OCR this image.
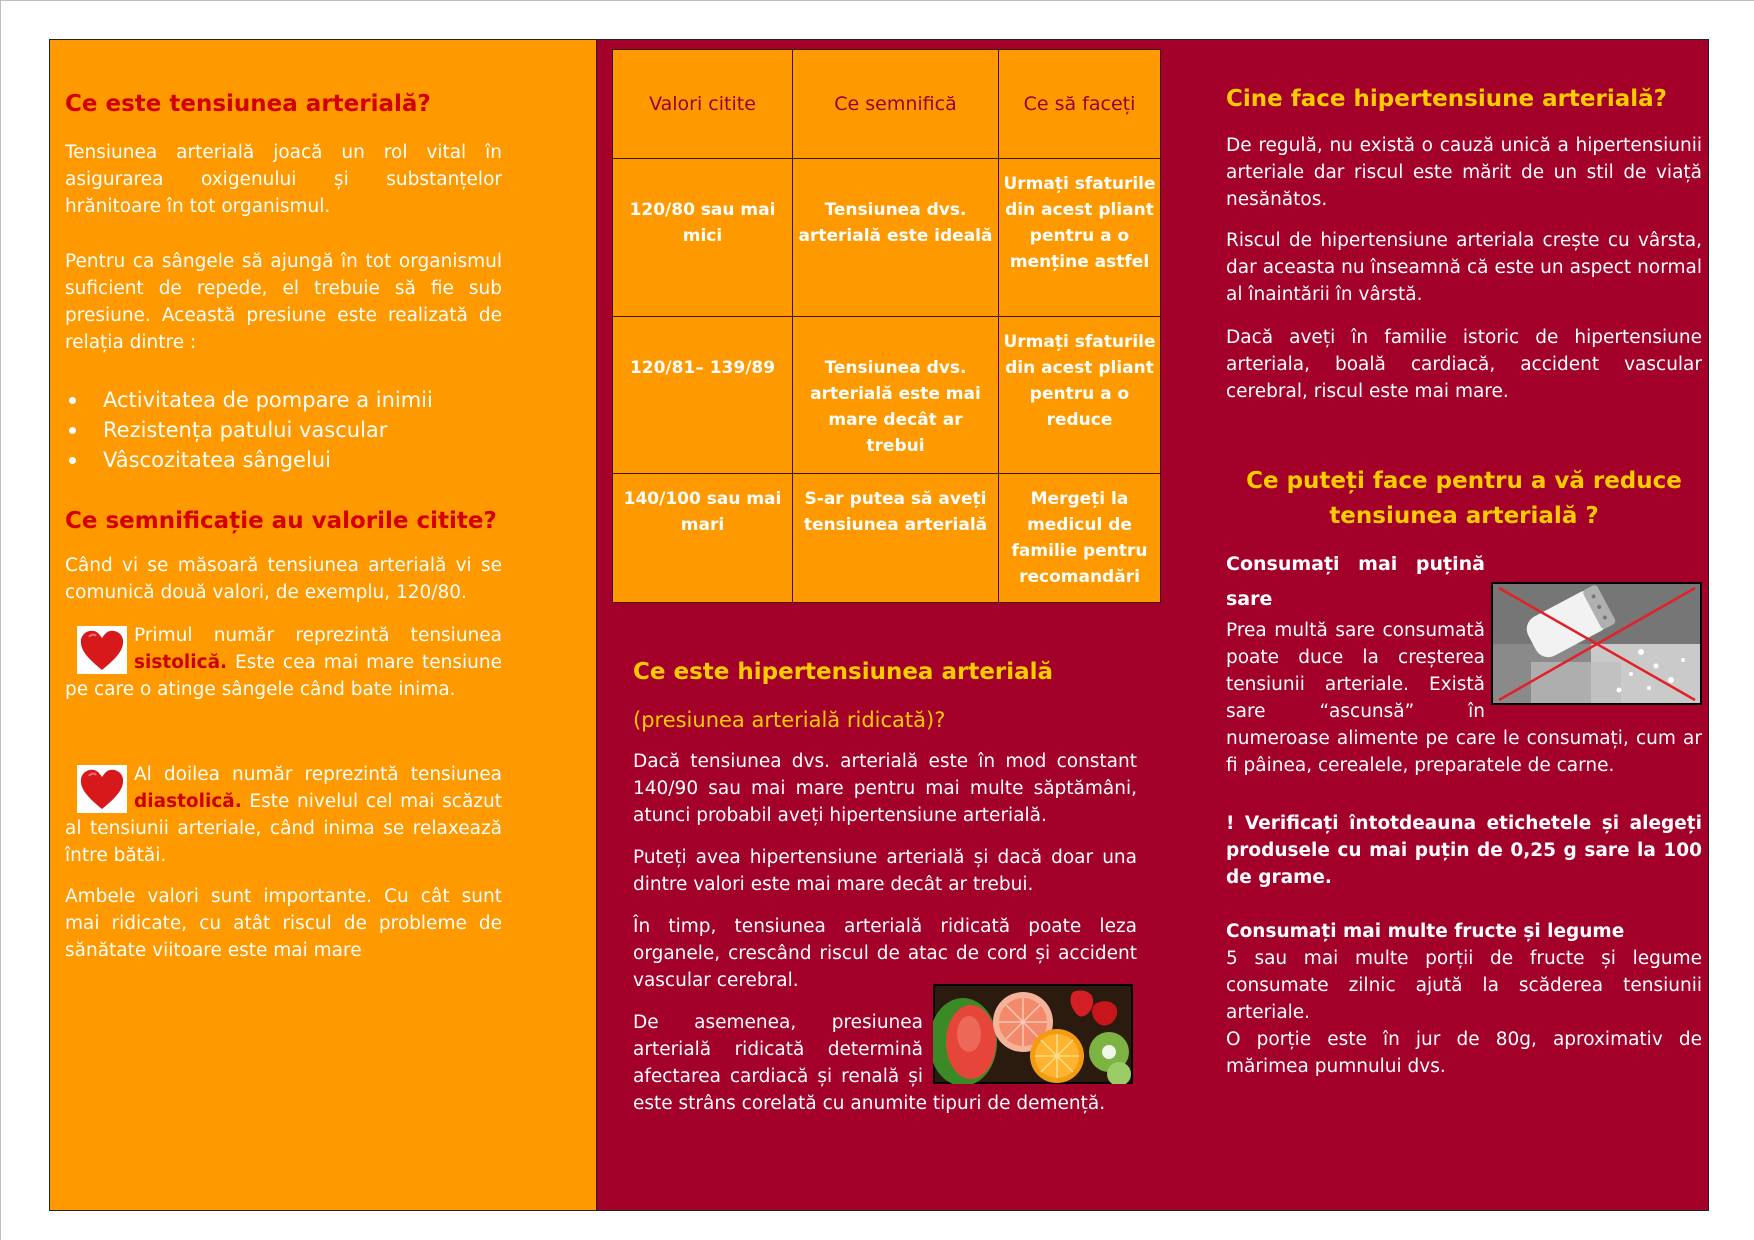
Ce este tensiunea arterială?

Tensiunea arterială joacă un rol vital în asigurarea oxigenului și substanțelor hrănitoare în tot organismul.

Pentru ca sângele să ajungă în tot organismul suficient de repede, el trebuie să fie sub presiune. Această presiune este realizată de relația dintre :

Activitatea de pompare a inimii
Rezistența patului vascular
Vâscozitatea sângelui
Ce semnificație au valorile citite?

Când vi se măsoară tensiunea arterială vi se comunică două valori, de exemplu, 120/80.

Primul număr reprezintă tensiunea sistolică. Este cea mai mare tensiune pe care o atinge sângele când bate inima.

Al doilea număr reprezintă tensiunea diastolică. Este nivelul cel mai scăzut al tensiunii arteriale, când inima se relaxează între bătăi.

Ambele valori sunt importante. Cu cât sunt mai ridicate, cu atât riscul de probleme de sănătate viitoare este mai mare

Valori citite	Ce semnifică	Ce să faceți
120/80 sau mai mici	Tensiunea dvs. arterială este ideală	Urmați sfaturile din acest pliant pentru a o menține astfel
120/81– 139/89	Tensiunea dvs. arterială este mai mare decât ar trebui	Urmați sfaturile din acest pliant pentru a o reduce
140/100 sau mai mari	S-ar putea să aveți tensiunea arterială	Mergeți la medicul de familie pentru recomandări
Ce este hipertensiunea arterială
(presiunea arterială ridicată)?

Dacă tensiunea dvs. arterială este în mod constant 140/90 sau mai mare pentru mai multe săptămâni, atunci probabil aveți hipertensiune arterială.

Puteți avea hipertensiune arterială și dacă doar una dintre valori este mai mare decât ar trebui.

În timp, tensiunea arterială ridicată poate leza organele, crescând riscul de atac de cord și accident vascular cerebral.

De asemenea, presiunea arterială ridicată determină afectarea cardiacă și renală și este strâns corelată cu anumite tipuri de demență.

Cine face hipertensiune arterială?

De regulă, nu există o cauză unică a hipertensiunii arteriale dar riscul este mărit de un stil de viață nesănătos.

Riscul de hipertensiune arteriala crește cu vârsta, dar aceasta nu înseamnă că este un aspect normal al înaintării în vârstă.

Dacă aveți în familie istoric de hipertensiune arteriala, boală cardiacă, accident vascular cerebral, riscul este mai mare.

Ce puteți face pentru a vă reduce tensiunea arterială ?
Consumați mai puțină sare

Prea multă sare consumată poate duce la creșterea tensiunii arteriale. Există sare “ascunsă” în numeroase alimente pe care le consumați, cum ar fi pâinea, cerealele, preparatele de carne.

! Verificați întotdeauna etichetele și alegeți produsele cu mai puțin de 0,25 g sare la 100 de grame.

Consumați mai multe fructe și legume

5 sau mai multe porții de fructe și legume consumate zilnic ajută la scăderea tensiunii arteriale.

O porție este în jur de 80g, aproximativ de mărimea pumnului dvs.
